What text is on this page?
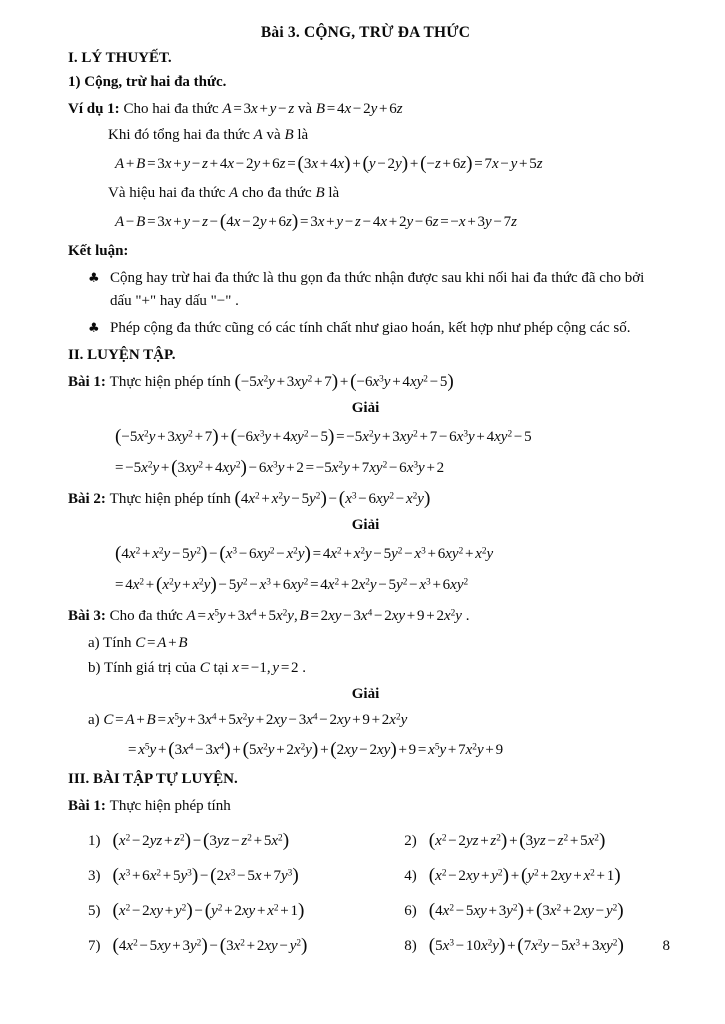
Bài 3. CỘNG, TRỪ ĐA THỨC
I. LÝ THUYẾT.
1) Cộng, trừ hai đa thức.
Ví dụ 1: Cho hai đa thức A = 3x + y − z và B = 4x − 2y + 6z
Khi đó tổng hai đa thức A và B là
A + B = 3x + y − z + 4x − 2y + 6z = (3x + 4x) + (y − 2y) + (−z + 6z) = 7x − y + 5z
Và hiệu hai đa thức A cho đa thức B là
A − B = 3x + y − z − (4x − 2y + 6z) = 3x + y − z − 4x + 2y − 6z = −x + 3y − 7z
Kết luận:
♣ Cộng hay trừ hai đa thức là thu gọn đa thức nhận được sau khi nối hai đa thức đã cho bởi dấu "+" hay dấu "−" .
♣ Phép cộng đa thức cũng có các tính chất như giao hoán, kết hợp như phép cộng các số.
II. LUYỆN TẬP.
Bài 1: Thực hiện phép tính $(-5x^2y + 3xy^2 + 7) + (-6x^3y + 4xy^2 - 5)$
Giải
$(-5x^2y + 3xy^2 + 7) + (-6x^3y + 4xy^2 - 5) = -5x^2y + 3xy^2 + 7 - 6x^3y + 4xy^2 - 5$
= $-5x^2y + (3xy^2 + 4xy^2) - 6x^3y + 2 = -5x^2y + 7xy^2 - 6x^3y + 2$
Bài 2: Thực hiện phép tính $(4x^2 + x^2y - 5y^2) - (x^3 - 6xy^2 - x^2y)$
Giải
$(4x^2 + x^2y - 5y^2) - (x^3 - 6xy^2 - x^2y) = 4x^2 + x^2y - 5y^2 - x^3 + 6xy^2 + x^2y$
= $4x^2 + (x^2y + x^2y) - 5y^2 - x^3 + 6xy^2 = 4x^2 + 2x^2y - 5y^2 - x^3 + 6xy^2$
Bài 3: Cho đa thức $A = x^5y + 3x^4 + 5x^2y$, $B = 2xy - 3x^4 - 2xy + 9 + 2x^2y$ .
a) Tính C = A + B
b) Tính giá trị của C tại x = −1, y = 2 .
Giải
a) $C = A + B = x^5y + 3x^4 + 5x^2y + 2xy - 3x^4 - 2xy + 9 + 2x^2y$
= $x^5y + (3x^4 - 3x^4) + (5x^2y + 2x^2y) + (2xy - 2xy) + 9 = x^5y + 7x^2y + 9$
III. BÀI TẬP TỰ LUYỆN.
Bài 1: Thực hiện phép tính
1) $(x^2 - 2yz + z^2) - (3yz - z^2 + 5x^2)$	2) $(x^2 - 2yz + z^2) + (3yz - z^2 + 5x^2)$
3) $(x^3 + 6x^2 + 5y^3) - (2x^3 - 5x + 7y^3)$	4) $(x^2 - 2xy + y^2) + (y^2 + 2xy + x^2 + 1)$
5) $(x^2 - 2xy + y^2) - (y^2 + 2xy + x^2 + 1)$	6) $(4x^2 - 5xy + 3y^2) + (3x^2 + 2xy - y^2)$
7) $(4x^2 - 5xy + 3y^2) - (3x^2 + 2xy - y^2)$	8) $(5x^3 - 10x^2y) + (7x^2y - 5x^3 + 3xy^2)$	8
